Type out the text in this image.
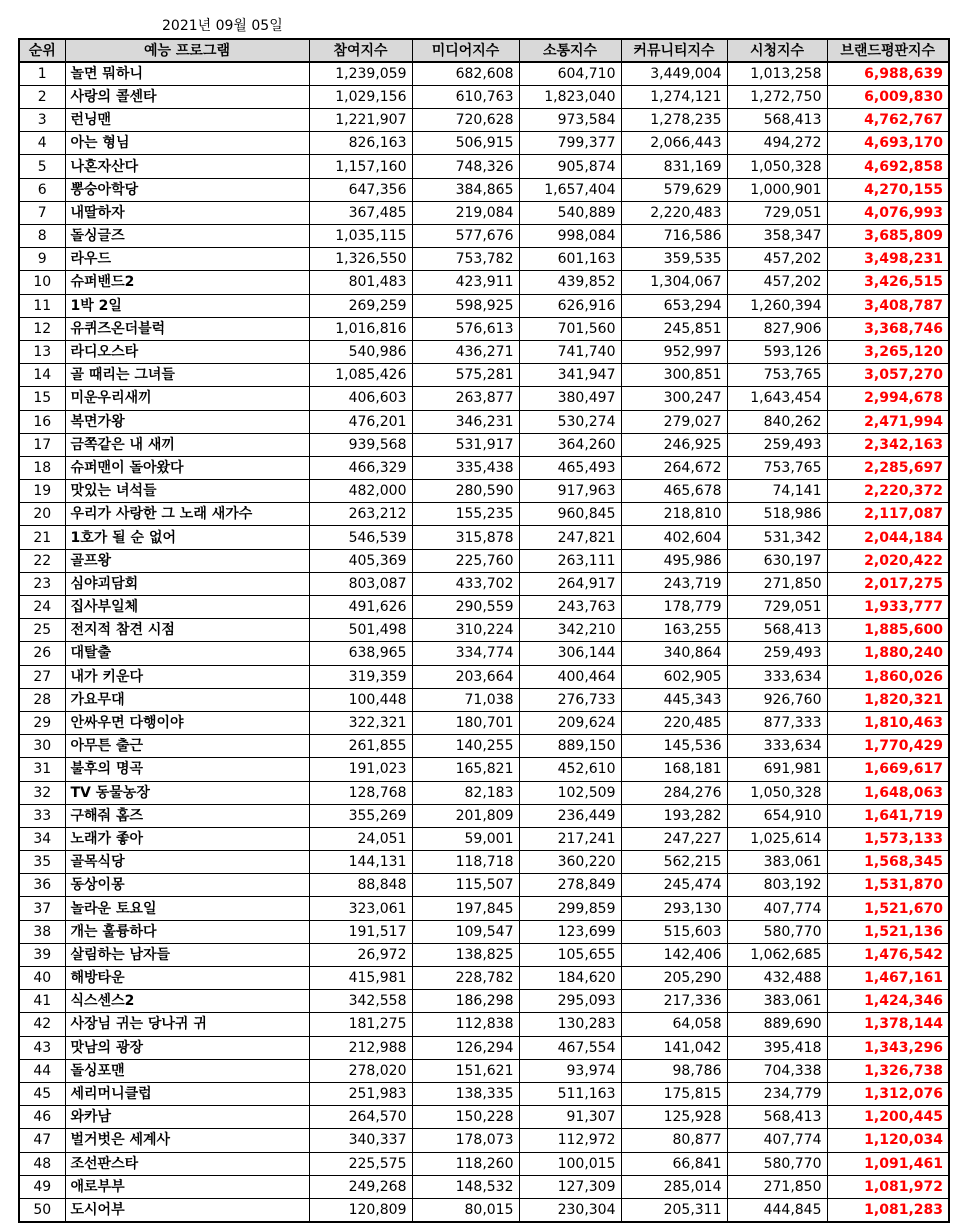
2021년 09월 05일
순위	예능 프로그램	참여지수	미디어지수	소통지수	커뮤니티지수	시청지수	브랜드평판지수
1	놀면 뭐하니	1,239,059	682,608	604,710	3,449,004	1,013,258	6,988,639
2	사랑의 콜센타	1,029,156	610,763	1,823,040	1,274,121	1,272,750	6,009,830
3	런닝맨	1,221,907	720,628	973,584	1,278,235	568,413	4,762,767
4	아는 형님	826,163	506,915	799,377	2,066,443	494,272	4,693,170
5	나혼자산다	1,157,160	748,326	905,874	831,169	1,050,328	4,692,858
6	뽕숭아학당	647,356	384,865	1,657,404	579,629	1,000,901	4,270,155
7	내딸하자	367,485	219,084	540,889	2,220,483	729,051	4,076,993
8	돌싱글즈	1,035,115	577,676	998,084	716,586	358,347	3,685,809
9	라우드	1,326,550	753,782	601,163	359,535	457,202	3,498,231
10	슈퍼밴드2	801,483	423,911	439,852	1,304,067	457,202	3,426,515
11	1박 2일	269,259	598,925	626,916	653,294	1,260,394	3,408,787
12	유퀴즈온더블럭	1,016,816	576,613	701,560	245,851	827,906	3,368,746
13	라디오스타	540,986	436,271	741,740	952,997	593,126	3,265,120
14	골 때리는 그녀들	1,085,426	575,281	341,947	300,851	753,765	3,057,270
15	미운우리새끼	406,603	263,877	380,497	300,247	1,643,454	2,994,678
16	복면가왕	476,201	346,231	530,274	279,027	840,262	2,471,994
17	금쪽같은 내 새끼	939,568	531,917	364,260	246,925	259,493	2,342,163
18	슈퍼맨이 돌아왔다	466,329	335,438	465,493	264,672	753,765	2,285,697
19	맛있는 녀석들	482,000	280,590	917,963	465,678	74,141	2,220,372
20	우리가 사랑한 그 노래 새가수	263,212	155,235	960,845	218,810	518,986	2,117,087
21	1호가 될 순 없어	546,539	315,878	247,821	402,604	531,342	2,044,184
22	골프왕	405,369	225,760	263,111	495,986	630,197	2,020,422
23	심야괴담회	803,087	433,702	264,917	243,719	271,850	2,017,275
24	집사부일체	491,626	290,559	243,763	178,779	729,051	1,933,777
25	전지적 참견 시점	501,498	310,224	342,210	163,255	568,413	1,885,600
26	대탈출	638,965	334,774	306,144	340,864	259,493	1,880,240
27	내가 키운다	319,359	203,664	400,464	602,905	333,634	1,860,026
28	가요무대	100,448	71,038	276,733	445,343	926,760	1,820,321
29	안싸우면 다행이야	322,321	180,701	209,624	220,485	877,333	1,810,463
30	아무튼 출근	261,855	140,255	889,150	145,536	333,634	1,770,429
31	불후의 명곡	191,023	165,821	452,610	168,181	691,981	1,669,617
32	TV 동물농장	128,768	82,183	102,509	284,276	1,050,328	1,648,063
33	구해줘 홈즈	355,269	201,809	236,449	193,282	654,910	1,641,719
34	노래가 좋아	24,051	59,001	217,241	247,227	1,025,614	1,573,133
35	골목식당	144,131	118,718	360,220	562,215	383,061	1,568,345
36	동상이몽	88,848	115,507	278,849	245,474	803,192	1,531,870
37	놀라운 토요일	323,061	197,845	299,859	293,130	407,774	1,521,670
38	개는 훌륭하다	191,517	109,547	123,699	515,603	580,770	1,521,136
39	살림하는 남자들	26,972	138,825	105,655	142,406	1,062,685	1,476,542
40	해방타운	415,981	228,782	184,620	205,290	432,488	1,467,161
41	식스센스2	342,558	186,298	295,093	217,336	383,061	1,424,346
42	사장님 귀는 당나귀 귀	181,275	112,838	130,283	64,058	889,690	1,378,144
43	맛남의 광장	212,988	126,294	467,554	141,042	395,418	1,343,296
44	돌싱포맨	278,020	151,621	93,974	98,786	704,338	1,326,738
45	세리머니클럽	251,983	138,335	511,163	175,815	234,779	1,312,076
46	와카남	264,570	150,228	91,307	125,928	568,413	1,200,445
47	벌거벗은 세계사	340,337	178,073	112,972	80,877	407,774	1,120,034
48	조선판스타	225,575	118,260	100,015	66,841	580,770	1,091,461
49	애로부부	249,268	148,532	127,309	285,014	271,850	1,081,972
50	도시어부	120,809	80,015	230,304	205,311	444,845	1,081,283
